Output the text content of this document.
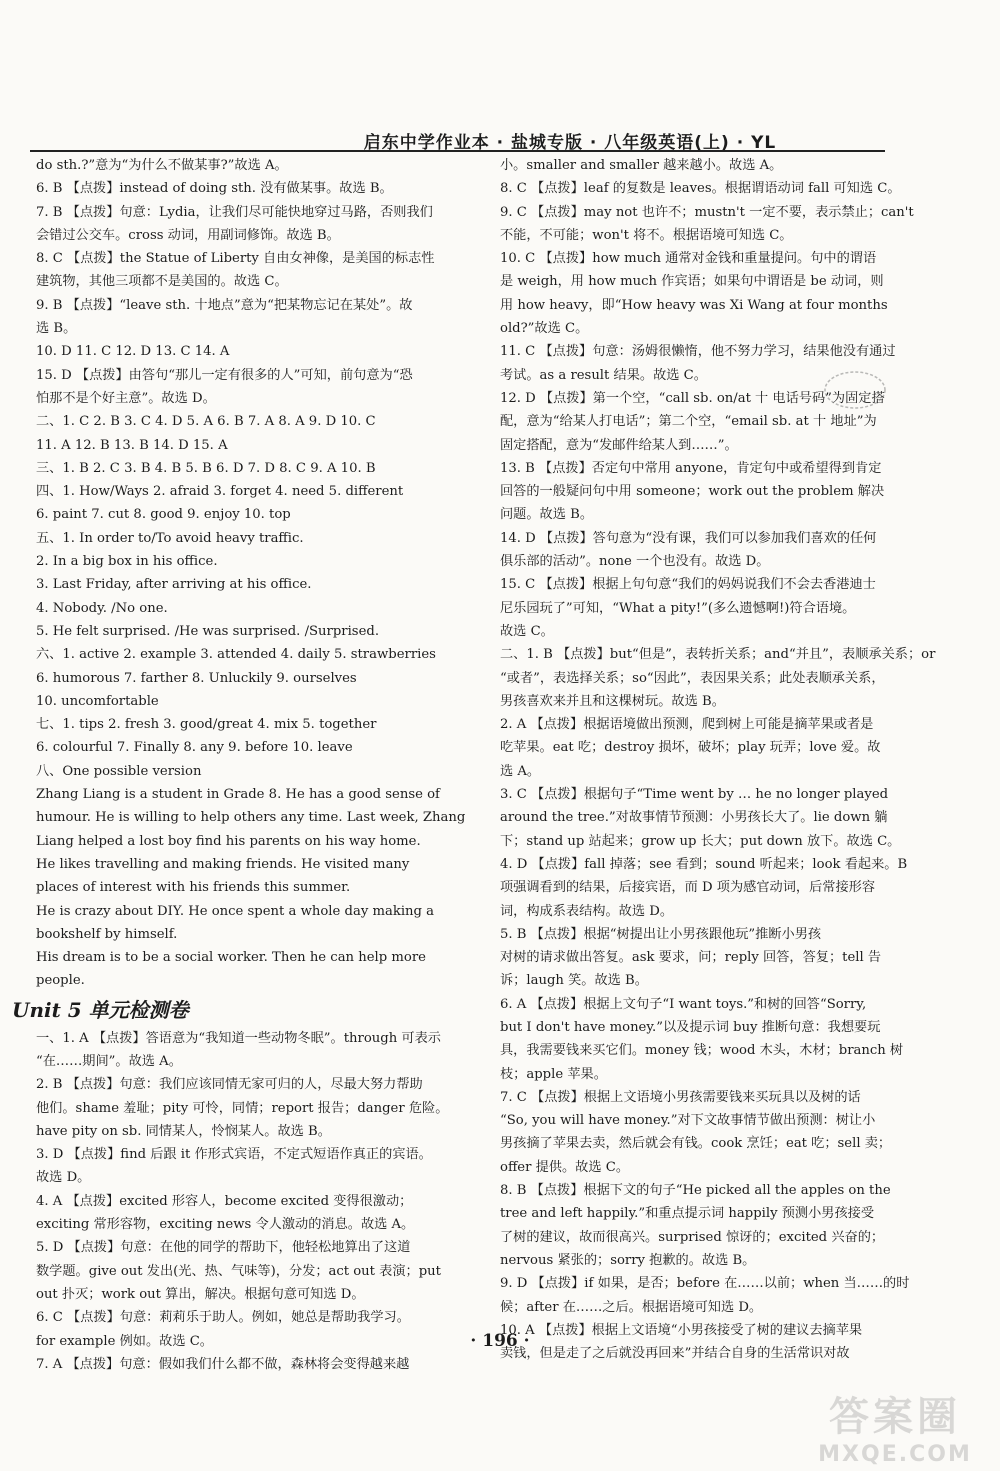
启东中学作业本 · 盐城专版 · 八年级英语(上) · YL
do sth.?”意为“为什么不做某事?”故选 A。
6. B 【点拨】instead of doing sth. 没有做某事。故选 B。
7. B 【点拨】句意：Lydia，让我们尽可能快地穿过马路，否则我们
会错过公交车。cross 动词，用副词修饰。故选 B。
8. C 【点拨】the Statue of Liberty 自由女神像，是美国的标志性
建筑物，其他三项都不是美国的。故选 C。
9. B 【点拨】“leave sth. 十地点”意为“把某物忘记在某处”。故
选 B。
10. D 11. C 12. D 13. C 14. A
15. D 【点拨】由答句“那儿一定有很多的人”可知，前句意为“恐
怕那不是个好主意”。故选 D。
二、1. C 2. B 3. C 4. D 5. A 6. B 7. A 8. A 9. D 10. C
11. A 12. B 13. B 14. D 15. A
三、1. B 2. C 3. B 4. B 5. B 6. D 7. D 8. C 9. A 10. B
四、1. How/Ways 2. afraid 3. forget 4. need 5. different
6. paint 7. cut 8. good 9. enjoy 10. top
五、1. In order to/To avoid heavy traffic.
2. In a big box in his office.
3. Last Friday, after arriving at his office.
4. Nobody. /No one.
5. He felt surprised. /He was surprised. /Surprised.
六、1. active 2. example 3. attended 4. daily 5. strawberries
6. humorous 7. farther 8. Unluckily 9. ourselves
10. uncomfortable
七、1. tips 2. fresh 3. good/great 4. mix 5. together
6. colourful 7. Finally 8. any 9. before 10. leave
八、One possible version
Zhang Liang is a student in Grade 8. He has a good sense of
humour. He is willing to help others any time. Last week, Zhang
Liang helped a lost boy find his parents on his way home.
He likes travelling and making friends. He visited many
places of interest with his friends this summer.
He is crazy about DIY. He once spent a whole day making a
bookshelf by himself.
His dream is to be a social worker. Then he can help more
people.
Unit 5 单元检测卷
一、1. A 【点拨】答语意为“我知道一些动物冬眠”。through 可表示
“在……期间”。故选 A。
2. B 【点拨】句意：我们应该同情无家可归的人，尽最大努力帮助
他们。shame 羞耻；pity 可怜，同情；report 报告；danger 危险。
have pity on sb. 同情某人，怜悯某人。故选 B。
3. D 【点拨】find 后跟 it 作形式宾语，不定式短语作真正的宾语。
故选 D。
4. A 【点拨】excited 形容人，become excited 变得很激动；
exciting 常形容物，exciting news 令人激动的消息。故选 A。
5. D 【点拨】句意：在他的同学的帮助下，他轻松地算出了这道
数学题。give out 发出(光、热、气味等)，分发；act out 表演；put
out 扑灭；work out 算出，解决。根据句意可知选 D。
6. C 【点拨】句意：莉莉乐于助人。例如，她总是帮助我学习。
for example 例如。故选 C。
7. A 【点拨】句意：假如我们什么都不做，森林将会变得越来越
小。smaller and smaller 越来越小。故选 A。
8. C 【点拨】leaf 的复数是 leaves。根据谓语动词 fall 可知选 C。
9. C 【点拨】may not 也许不；mustn't 一定不要，表示禁止；can't
不能，不可能；won't 将不。根据语境可知选 C。
10. C 【点拨】how much 通常对金钱和重量提问。句中的谓语
是 weigh，用 how much 作宾语；如果句中谓语是 be 动词，则
用 how heavy，即“How heavy was Xi Wang at four months
old?”故选 C。
11. C 【点拨】句意：汤姆很懒惰，他不努力学习，结果他没有通过
考试。as a result 结果。故选 C。
12. D 【点拨】第一个空，“call sb. on/at 十 电话号码”为固定搭
配，意为“给某人打电话”；第二个空，“email sb. at 十 地址”为
固定搭配，意为“发邮件给某人到……”。
13. B 【点拨】否定句中常用 anyone，肯定句中或希望得到肯定
回答的一般疑问句中用 someone；work out the problem 解决
问题。故选 B。
14. D 【点拨】答句意为“没有课，我们可以参加我们喜欢的任何
俱乐部的活动”。none 一个也没有。故选 D。
15. C 【点拨】根据上句句意“我们的妈妈说我们不会去香港迪士
尼乐园玩了”可知，“What a pity!”(多么遗憾啊!)符合语境。
故选 C。
二、1. B 【点拨】but“但是”，表转折关系；and“并且”，表顺承关系；or
“或者”，表选择关系；so“因此”，表因果关系；此处表顺承关系，
男孩喜欢来并且和这棵树玩。故选 B。
2. A 【点拨】根据语境做出预测，爬到树上可能是摘苹果或者是
吃苹果。eat 吃；destroy 损坏，破坏；play 玩弄；love 爱。故
选 A。
3. C 【点拨】根据句子“Time went by … he no longer played
around the tree.”对故事情节预测：小男孩长大了。lie down 躺
下；stand up 站起来；grow up 长大；put down 放下。故选 C。
4. D 【点拨】fall 掉落；see 看到；sound 听起来；look 看起来。B
项强调看到的结果，后接宾语，而 D 项为感官动词，后常接形容
词，构成系表结构。故选 D。
5. B 【点拨】根据“树提出让小男孩跟他玩”推断小男孩
对树的请求做出答复。ask 要求，问；reply 回答，答复；tell 告
诉；laugh 笑。故选 B。
6. A 【点拨】根据上文句子“I want toys.”和树的回答“Sorry,
but I don't have money.”以及提示词 buy 推断句意：我想要玩
具，我需要钱来买它们。money 钱；wood 木头，木材；branch 树
枝；apple 苹果。
7. C 【点拨】根据上文语境小男孩需要钱来买玩具以及树的话
“So, you will have money.”对下文故事情节做出预测：树让小
男孩摘了苹果去卖，然后就会有钱。cook 烹饪；eat 吃；sell 卖；
offer 提供。故选 C。
8. B 【点拨】根据下文的句子“He picked all the apples on the
tree and left happily.”和重点提示词 happily 预测小男孩接受
了树的建议，故而很高兴。surprised 惊讶的；excited 兴奋的；
nervous 紧张的；sorry 抱歉的。故选 B。
9. D 【点拨】if 如果，是否；before 在……以前；when 当……的时
候；after 在……之后。根据语境可知选 D。
10. A 【点拨】根据上文语境“小男孩接受了树的建议去摘苹果
卖钱，但是走了之后就没再回来”并结合自身的生活常识对故
· 196 ·
答案圈
MXQE.COM
